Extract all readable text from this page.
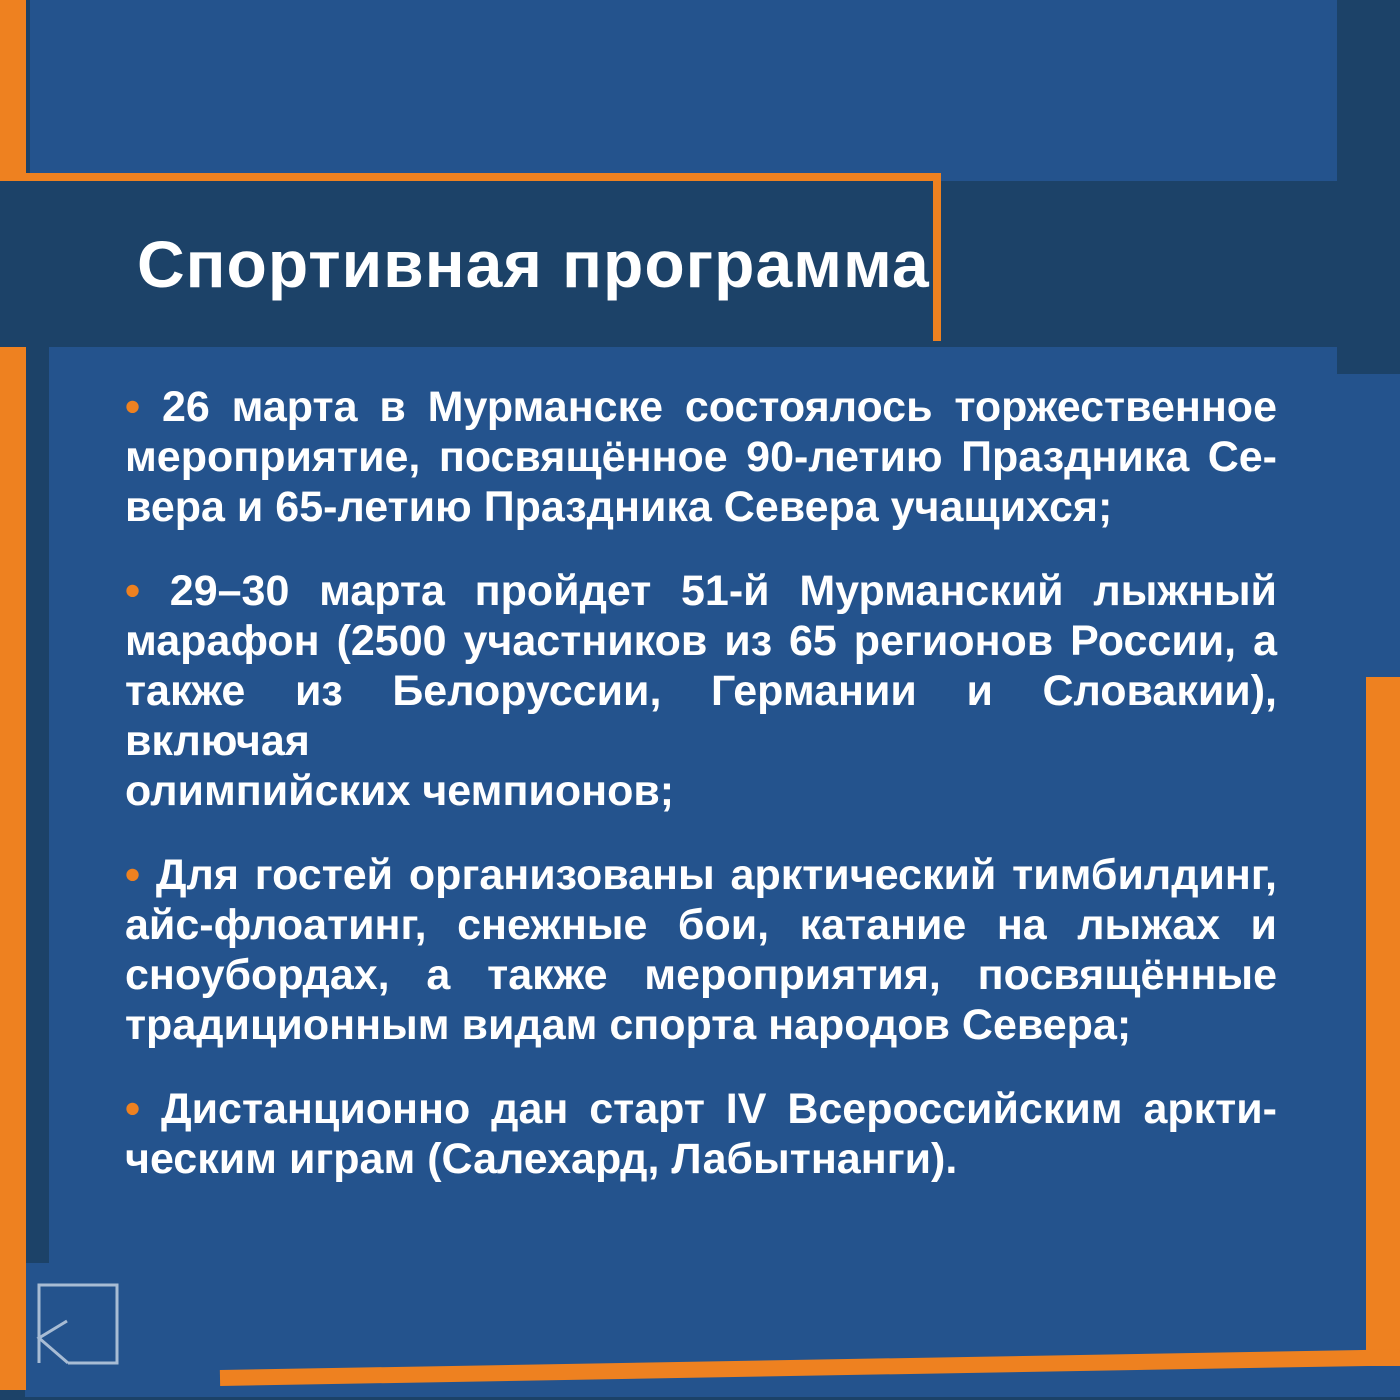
Спортивная программа
• 26 марта в Мурманске состоялось торжественное
мероприятие, посвящённое 90-летию Праздника Се-
вера и 65-летию Праздника Севера учащихся;
• 29–30 марта пройдет 51-й Мурманский лыжный
марафон (2500 участников из 65 регионов России, а
также из Белоруссии, Германии и Словакии), включая
олимпийских чемпионов;
• Для гостей организованы арктический тимбилдинг,
айс-флоатинг, снежные бои, катание на лыжах и
сноубордах, а также мероприятия, посвящённые
традиционным видам спорта народов Севера;
• Дистанционно дан старт IV Всероссийским аркти-
ческим играм (Салехард, Лабытнанги).
